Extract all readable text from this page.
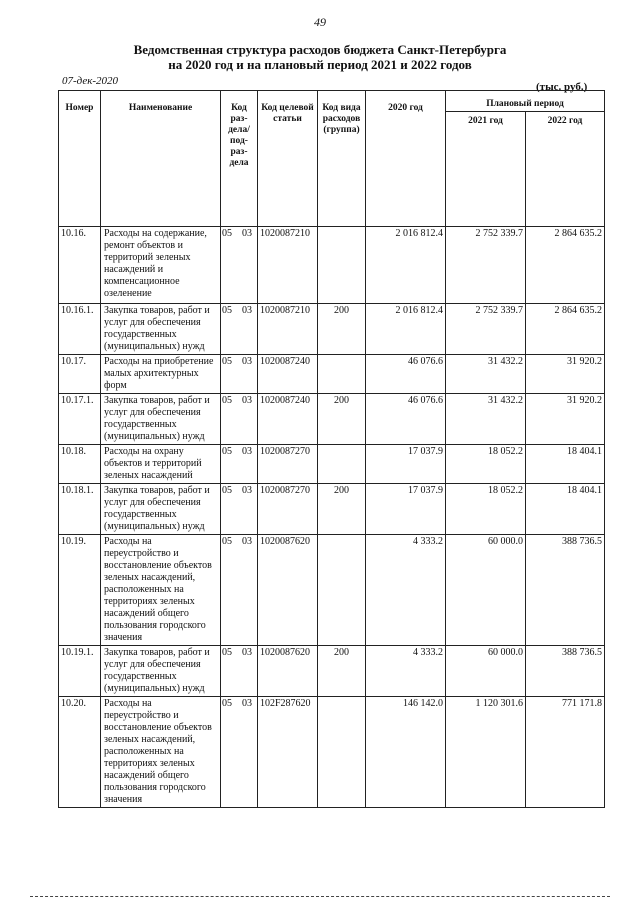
49
Ведомственная структура расходов бюджета Санкт-Петербурга
на 2020 год и на плановый период 2021 и 2022 годов
07-дек-2020	(тыс. руб.)
Номер	Наименование	Код раз-дела/ под-раз-дела	Код целевой статьи	Код вида расходов (группа)	2020 год	Плановый период	
						2021 год	2022 год
10.16.	Расходы на содержание, ремонт объектов и территорий зеленых насаждений и компенсационное озеленение	05 03	1020087210		2 016 812.4	2 752 339.7	2 864 635.2
10.16.1.	Закупка товаров, работ и услуг для обеспечения государственных (муниципальных) нужд	05 03	1020087210	200	2 016 812.4	2 752 339.7	2 864 635.2
10.17.	Расходы на приобретение малых архитектурных форм	05 03	1020087240		46 076.6	31 432.2	31 920.2
10.17.1.	Закупка товаров, работ и услуг для обеспечения государственных (муниципальных) нужд	05 03	1020087240	200	46 076.6	31 432.2	31 920.2
10.18.	Расходы на охрану объектов и территорий зеленых насаждений	05 03	1020087270		17 037.9	18 052.2	18 404.1
10.18.1.	Закупка товаров, работ и услуг для обеспечения государственных (муниципальных) нужд	05 03	1020087270	200	17 037.9	18 052.2	18 404.1
10.19.	Расходы на переустройство и восстановление объектов зеленых насаждений, расположенных на территориях зеленых насаждений общего пользования городского значения	05 03	1020087620		4 333.2	60 000.0	388 736.5
10.19.1.	Закупка товаров, работ и услуг для обеспечения государственных (муниципальных) нужд	05 03	1020087620	200	4 333.2	60 000.0	388 736.5
10.20.	Расходы на переустройство и восстановление объектов зеленых насаждений, расположенных на территориях зеленых насаждений общего пользования городского значения	05 03	102F287620		146 142.0	1 120 301.6	771 171.8
